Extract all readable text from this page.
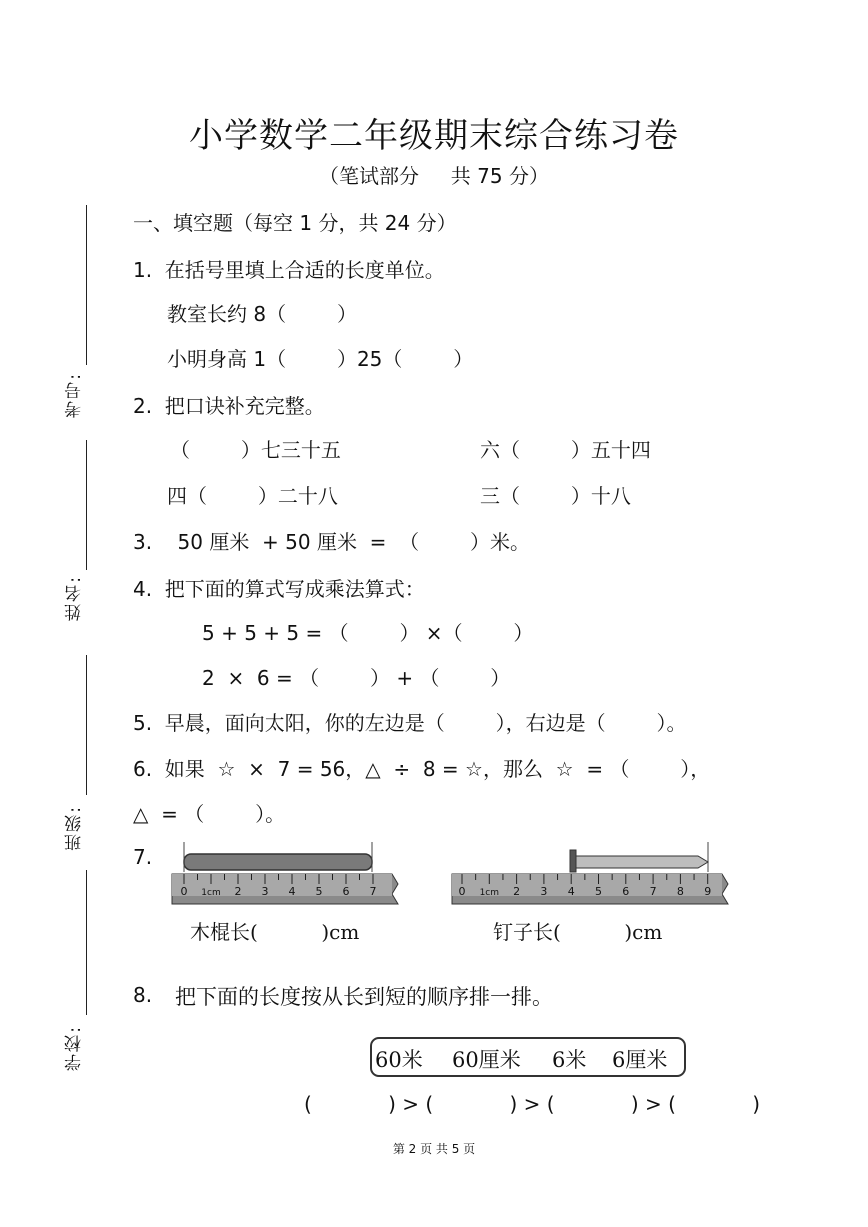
小学数学二年级期末综合练习卷
（笔试部分     共 75 分）
考号:
姓名:
班级:
学校:
一、填空题（每空 1 分，共 24 分）
1.  在括号里填上合适的长度单位。
教室长约 8（        ）
小明身高 1（        ）25（        ）
2.  把口诀补充完整。
（        ）七三十五	六（        ）五十四
四（        ）二十八	三（        ）十八
3.    50 厘米  + 50 厘米  =  （        ）米。
4.  把下面的算式写成乘法算式：
5 + 5 + 5 = （        ） ×（        ）
2  ×  6 = （        ） + （        ）
5.  早晨，面向太阳，你的左边是（        ），右边是（        ）。
6.  如果  ☆  ×  7 = 56，△  ÷  8 = ☆，那么  ☆  = （        ），
△  = （        ）。
7.
0 1cm 2 3 4 5 6 7	0 1cm 2 3 4 5 6 7 8 9
木棍长(          )cm	钉子长(          )cm
8. 把下面的长度按从长到短的顺序排一排。
60米 60厘米 6米 6厘米
(            ) > (            ) > (            ) > (            )
第 2 页 共 5 页
